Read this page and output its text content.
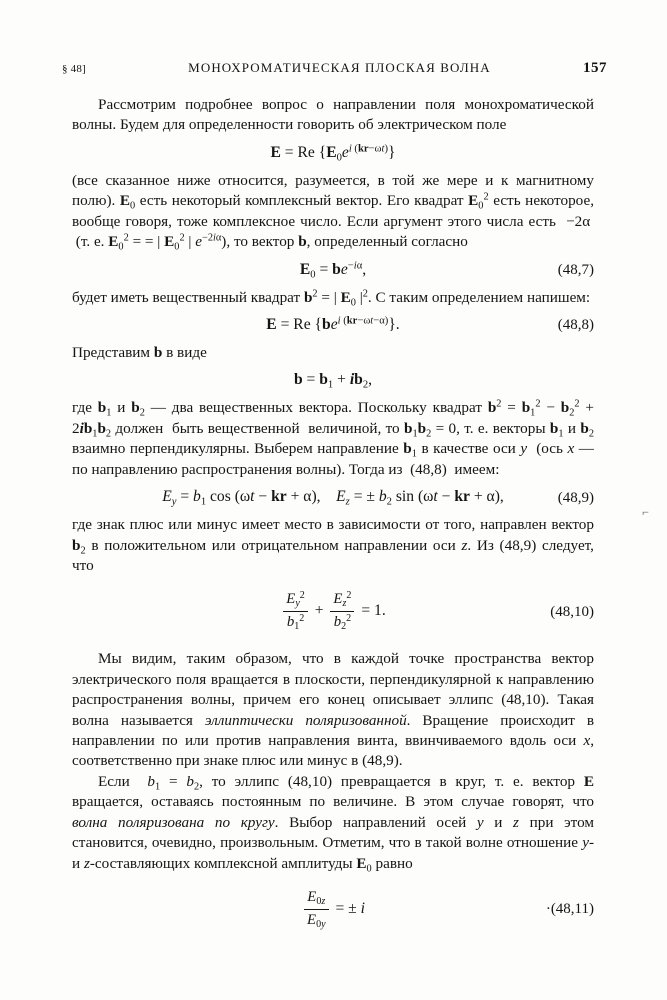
§ 48]	МОНОХРОМАТИЧЕСКАЯ ПЛОСКАЯ ВОЛНА	157
⌐

Рассмотрим подробнее вопрос о направлении поля монохроматической волны. Будем для определенности говорить об электрическом поле

E = Re $\{E_0e^{i (kr-\omega t)}\}$

(все сказанное ниже относится, разумеется, в той же мере и к магнитному полю). $E_0$ есть некоторый комплексный вектор. Его квадрат $E_0^2$ есть некоторое, вообще говоря, тоже комплексное число. Если аргумент этого числа есть  −2α   (т. е. $E_0^2$ = = | $E_0^2$ | $e^{-2i\alpha}$), то вектор b, определенный согласно

$E_0 = be^{-i\alpha}$,	(48,7)

будет иметь вещественный квадрат $b^2$ = | $E_0$ $|^2$. С таким определением напишем:

E = Re $\{be^{i (kr-\omega t-\alpha)}\}$.	(48,8)

Представим b в виде

$b = b_1 + ib_2$,

где $b_1$ и $b_2$ — два вещественных вектора. Поскольку квадрат $b^2 = b_1^2 - b_2^2 + 2ib_1b_2$ должен  быть вещественной  величиной, то $b_1b_2 = 0$, т. е. векторы $b_1$ и $b_2$ взаимно перпендикулярны. Выберем направление $b_1$ в качестве оси y  (ось x — по направлению распространения волны). Тогда из  (48,8)  имеем:

$E_y = b_1$ cos (ωt − kr + α),    $E_z$ = ± $b_2$ sin (ωt − kr + α),	(48,9)

где знак плюс или минус имеет место в зависимости от того, направлен вектор $b_2$ в положительном или отрицательном направлении оси z. Из (48,9) следует, что

$\frac{E_y^2}{b_1^2} + \frac{E_z^2}{b_2^2} = 1$.	(48,10)

Мы видим, таким образом, что в каждой точке пространства вектор электрического поля вращается в плоскости, перпендикулярной к направлению распространения волны, причем его конец описывает эллипс (48,10). Такая волна называется эллиптически поляризованной. Вращение происходит в направлении по или против направления винта, ввинчиваемого вдоль оси x, соответственно при знаке плюс или минус в (48,9).

Если  $b_1 = b_2$, то эллипс (48,10) превращается в круг, т. е. вектор E вращается, оставаясь постоянным по величине. В этом случае говорят, что волна поляризована по кругу. Выбор направлений осей y и z при этом становится, очевидно, произвольным. Отметим, что в такой волне отношение y- и z-составляющих комплексной амплитуды $E_0$ равно

$\frac{E_{0z}}{E_{0y}}$ = ± i	· (48,11)
